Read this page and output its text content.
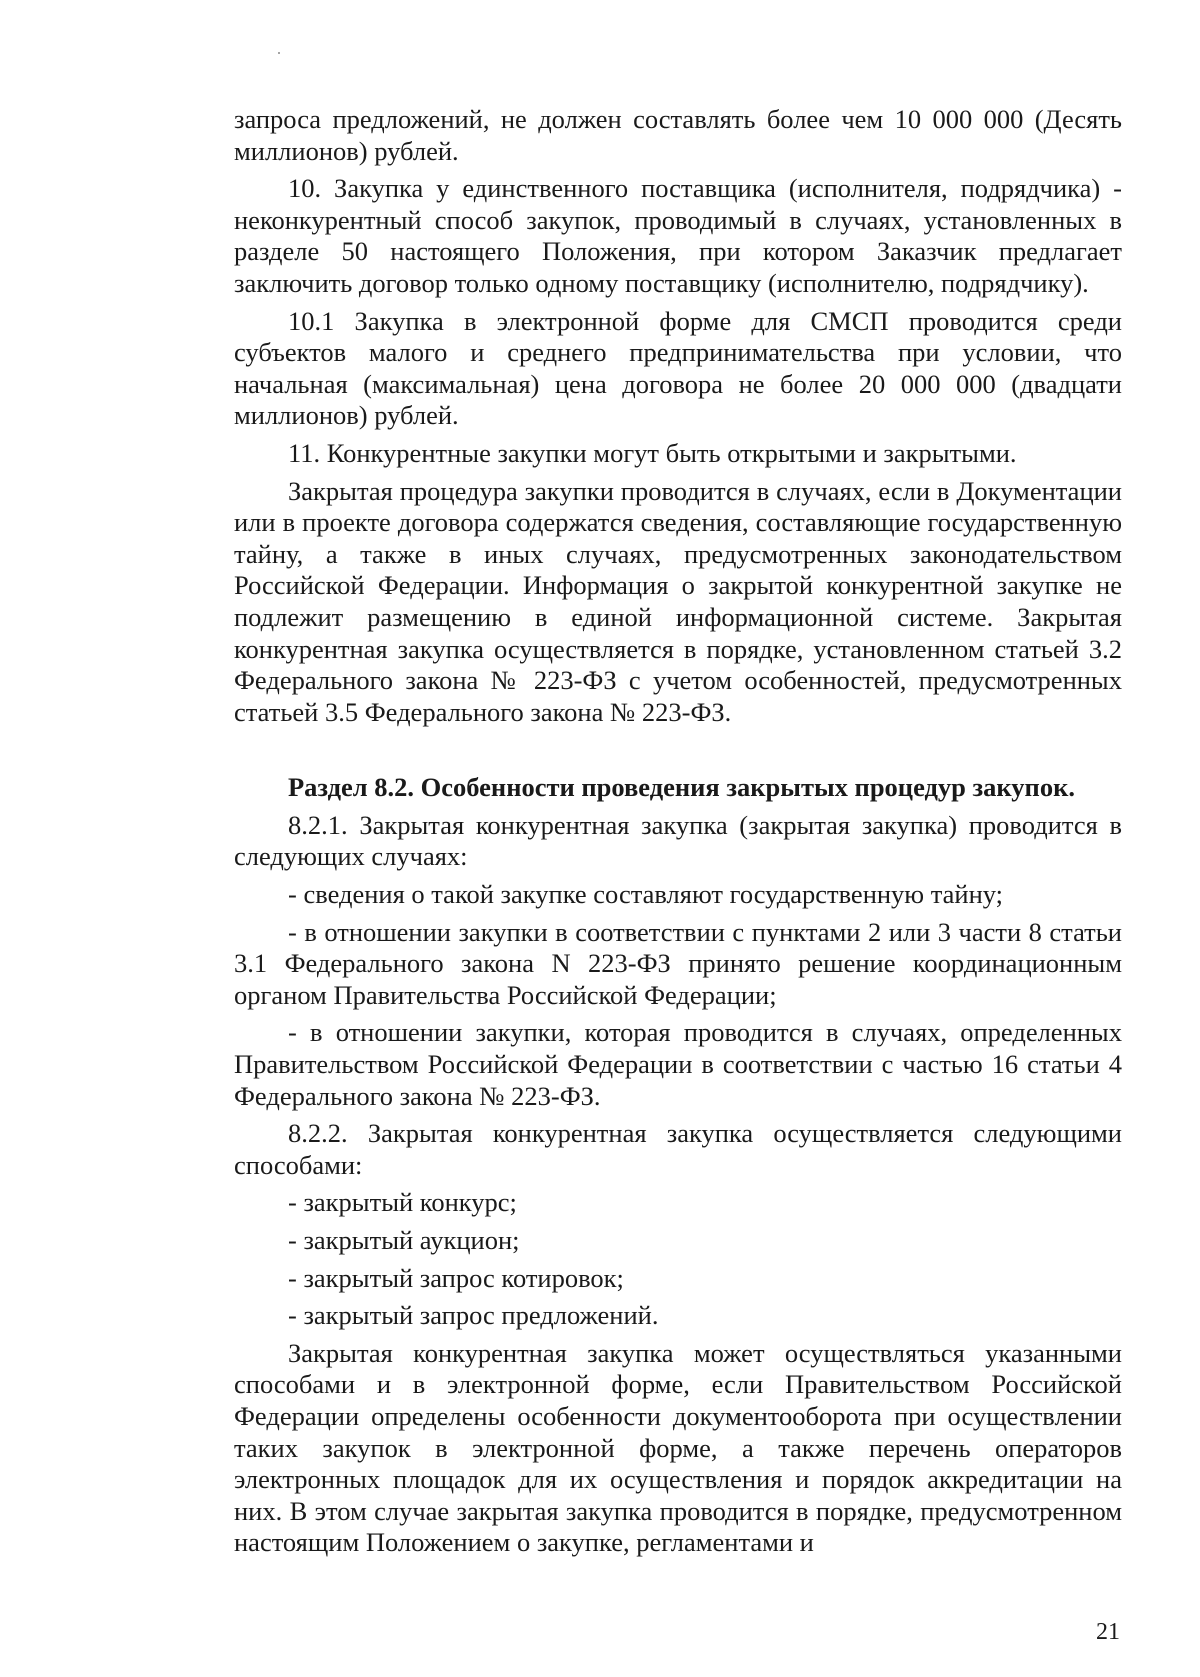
запроса предложений, не должен составлять более чем 10 000 000 (Десять миллионов) рублей.

10. Закупка у единственного поставщика (исполнителя, подрядчика) - неконкурентный способ закупок, проводимый в случаях, установленных в разделе 50 настоящего Положения, при котором Заказчик предлагает заключить договор только одному поставщику (исполнителю, подрядчику).

10.1 Закупка в электронной форме для СМСП проводится среди субъектов малого и среднего предпринимательства при условии, что начальная (максимальная) цена договора не более 20 000 000 (двадцати миллионов) рублей.

11. Конкурентные закупки могут быть открытыми и закрытыми.

Закрытая процедура закупки проводится в случаях, если в Документации или в проекте договора содержатся сведения, составляющие государственную тайну, а также в иных случаях, предусмотренных законодательством Российской Федерации. Информация о закрытой конкурентной закупке не подлежит размещению в единой информационной системе. Закрытая конкурентная закупка осуществляется в порядке, установленном статьей 3.2 Федерального закона № 223-ФЗ с учетом особенностей, предусмотренных статьей 3.5 Федерального закона № 223-ФЗ.

Раздел 8.2. Особенности проведения закрытых процедур закупок.

8.2.1. Закрытая конкурентная закупка (закрытая закупка) проводится в следующих случаях:

- сведения о такой закупке составляют государственную тайну;

- в отношении закупки в соответствии с пунктами 2 или 3 части 8 статьи 3.1 Федерального закона N 223-ФЗ принято решение координационным органом Правительства Российской Федерации;

- в отношении закупки, которая проводится в случаях, определенных Правительством Российской Федерации в соответствии с частью 16 статьи 4 Федерального закона № 223-ФЗ.

8.2.2. Закрытая конкурентная закупка осуществляется следующими способами:

- закрытый конкурс;

- закрытый аукцион;

- закрытый запрос котировок;

- закрытый запрос предложений.

Закрытая конкурентная закупка может осуществляться указанными способами и в электронной форме, если Правительством Российской Федерации определены особенности документооборота при осуществлении таких закупок в электронной форме, а также перечень операторов электронных площадок для их осуществления и порядок аккредитации на них. В этом случае закрытая закупка проводится в порядке, предусмотренном настоящим Положением о закупке, регламентами и

21
